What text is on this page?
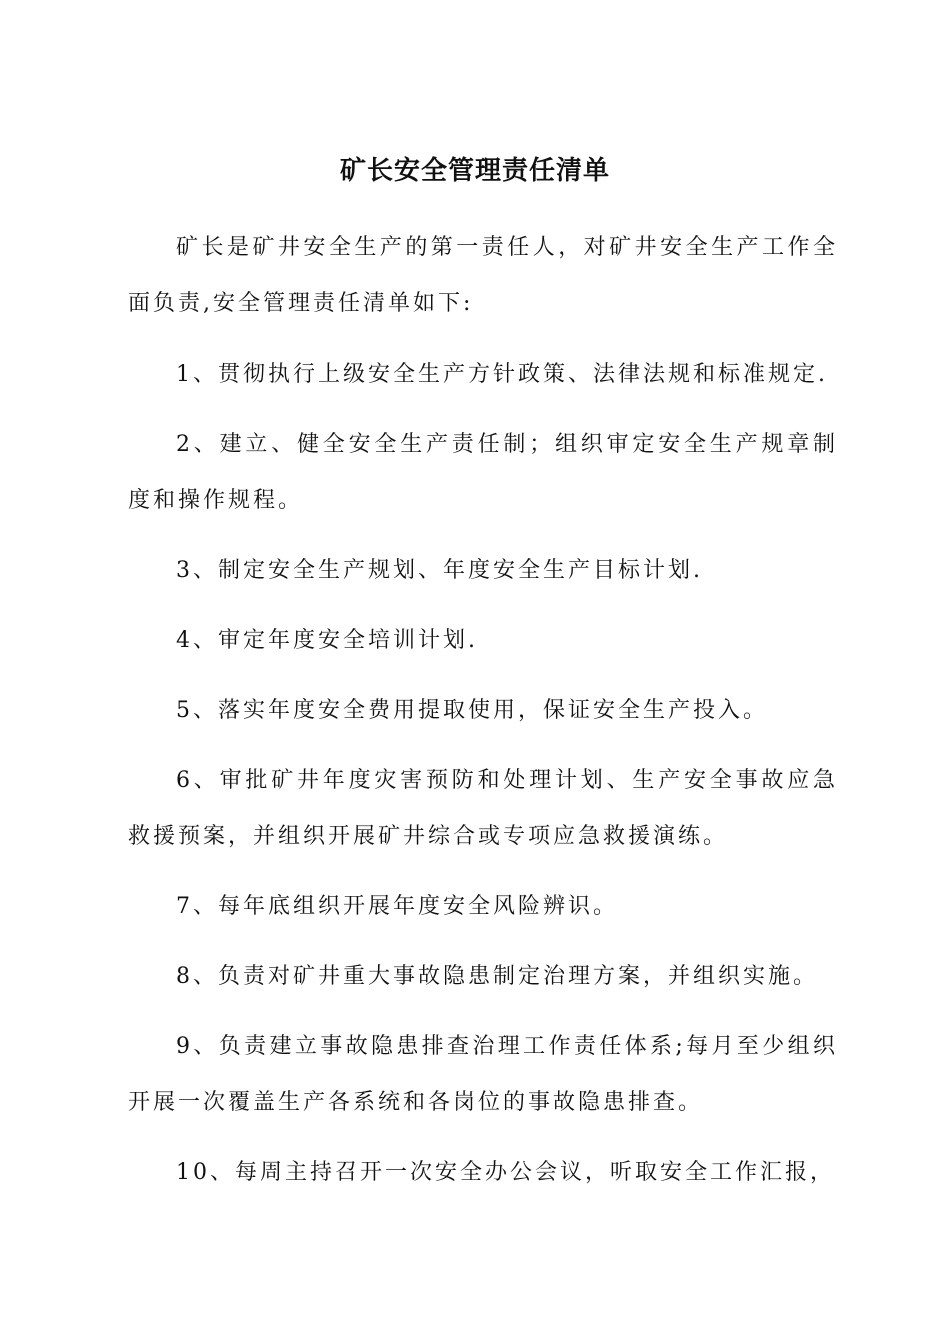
矿长安全管理责任清单
矿长是矿井安全生产的第一责任人，对矿井安全生产工作全面负责,安全管理责任清单如下:
1、贯彻执行上级安全生产方针政策、法律法规和标准规定.
2、建立、健全安全生产责任制；组织审定安全生产规章制度和操作规程。
3、制定安全生产规划、年度安全生产目标计划.
4、审定年度安全培训计划.
5、落实年度安全费用提取使用，保证安全生产投入。
6、审批矿井年度灾害预防和处理计划、生产安全事故应急救援预案，并组织开展矿井综合或专项应急救援演练。
7、每年底组织开展年度安全风险辨识。
8、负责对矿井重大事故隐患制定治理方案，并组织实施。
9、负责建立事故隐患排查治理工作责任体系;每月至少组织开展一次覆盖生产各系统和各岗位的事故隐患排查。
10、每周主持召开一次安全办公会议，听取安全工作汇报，
